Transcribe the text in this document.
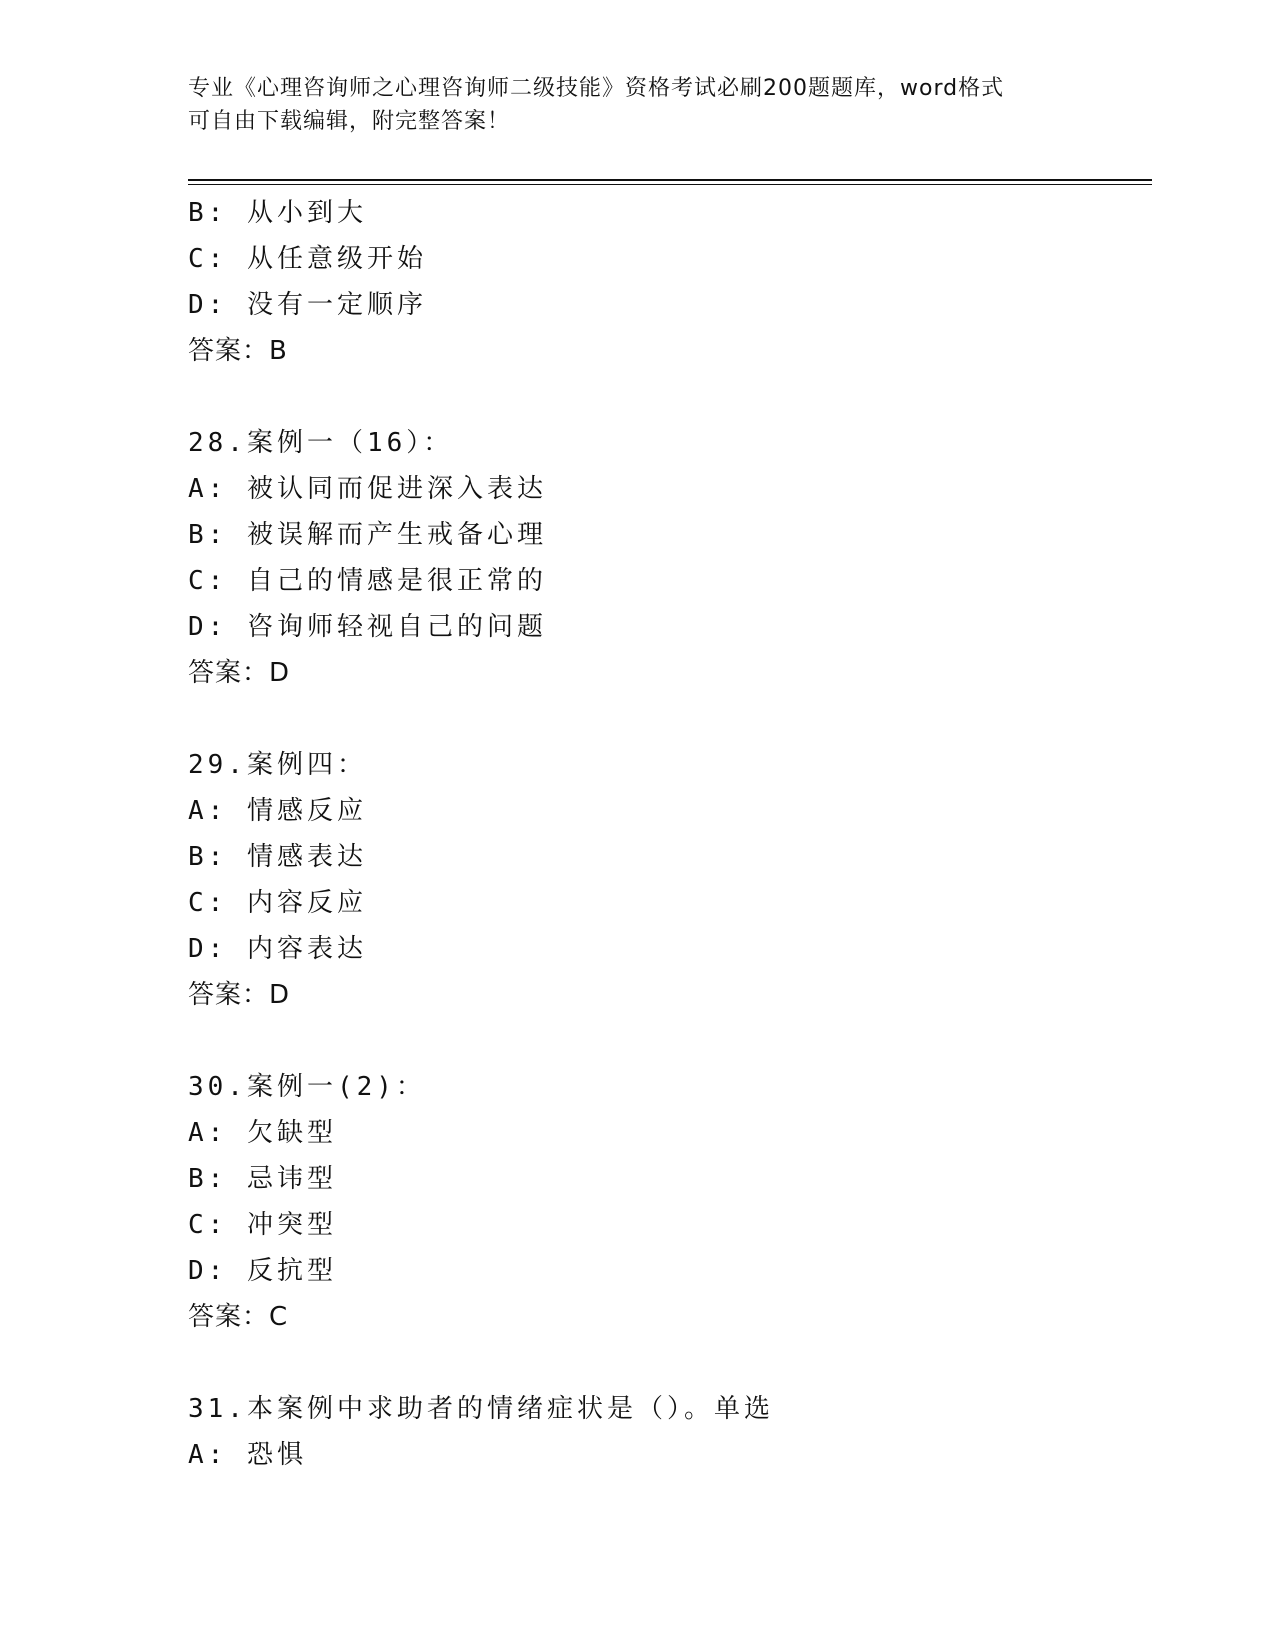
专业《心理咨询师之心理咨询师二级技能》资格考试必刷200题题库，word格式
可自由下载编辑，附完整答案！
B: 从小到大
C: 从任意级开始
D: 没有一定顺序
答案：B
28.案例一（16）：
A: 被认同而促进深入表达
B: 被误解而产生戒备心理
C: 自己的情感是很正常的
D: 咨询师轻视自己的问题
答案：D
29.案例四：
A: 情感反应
B: 情感表达
C: 内容反应
D: 内容表达
答案：D
30.案例一(2)：
A: 欠缺型
B: 忌讳型
C: 冲突型
D: 反抗型
答案：C
31.本案例中求助者的情绪症状是（）。单选
A: 恐惧
